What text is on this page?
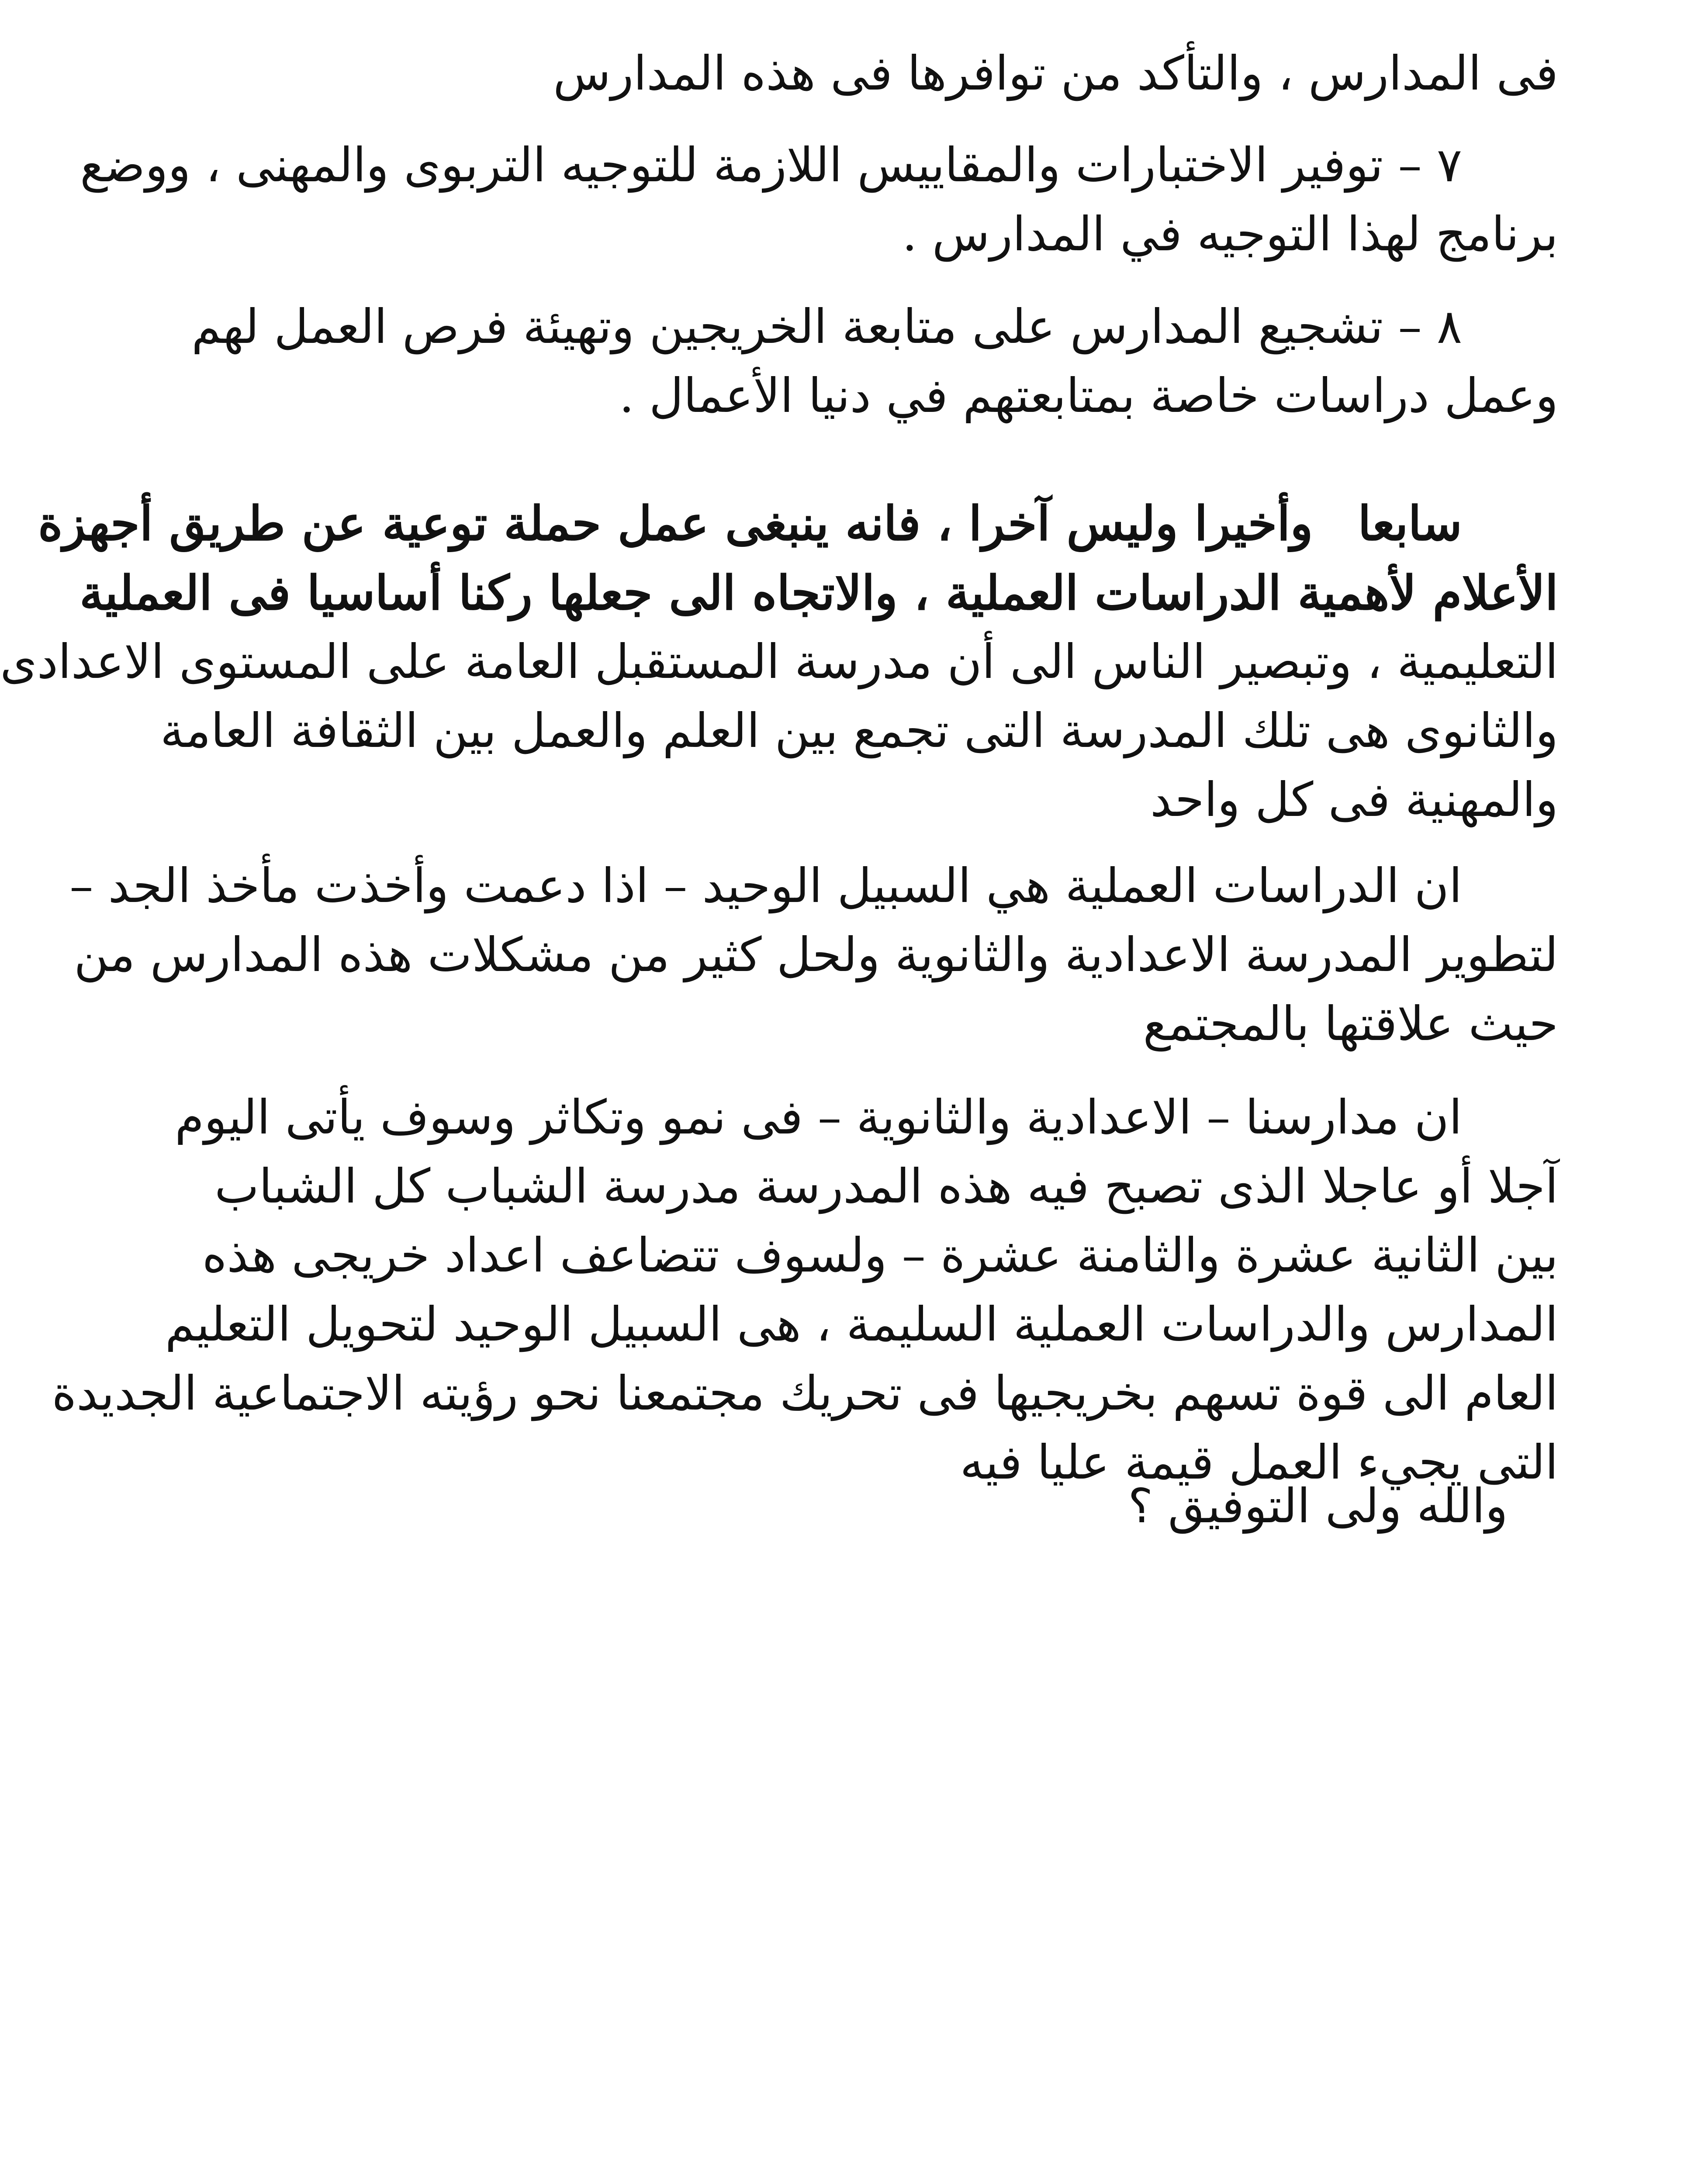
فى المدارس ، والتأكد من توافرها فى هذه المدارس

٧ – توفير الاختبارات والمقاييس اللازمة للتوجيه التربوى والمهنى ، ووضع
برنامج لهذا التوجيه في المدارس .

٨ – تشجيع المدارس على متابعة الخريجين وتهيئة فرص العمل لهم
وعمل دراسات خاصة بمتابعتهم في دنيا الأعمال .

سابعا   وأخيرا وليس آخرا ، فانه ينبغى عمل حملة توعية عن طريق أجهزة
الأعلام لأهمية الدراسات العملية ، والاتجاه الى جعلها ركنا أساسيا فى العملية
التعليمية ، وتبصير الناس الى أن مدرسة المستقبل العامة على المستوى الاعدادى
والثانوى هى تلك المدرسة التى تجمع بين العلم والعمل بين الثقافة العامة
والمهنية فى كل واحد

ان الدراسات العملية هي السبيل الوحيد – اذا دعمت وأخذت مأخذ الجد –
لتطوير المدرسة الاعدادية والثانوية ولحل كثير من مشكلات هذه المدارس من
حيث علاقتها بالمجتمع

ان مدارسنا – الاعدادية والثانوية – فى نمو وتكاثر وسوف يأتى اليوم
آجلا أو عاجلا الذى تصبح فيه هذه المدرسة مدرسة الشباب كل الشباب
بين الثانية عشرة والثامنة عشرة – ولسوف تتضاعف اعداد خريجى هذه
المدارس والدراسات العملية السليمة ، هى السبيل الوحيد لتحويل التعليم
العام الى قوة تسهم بخريجيها فى تحريك مجتمعنا نحو رؤيته الاجتماعية الجديدة
التى يجيء العمل قيمة عليا فيه

والله ولى التوفيق ؟
